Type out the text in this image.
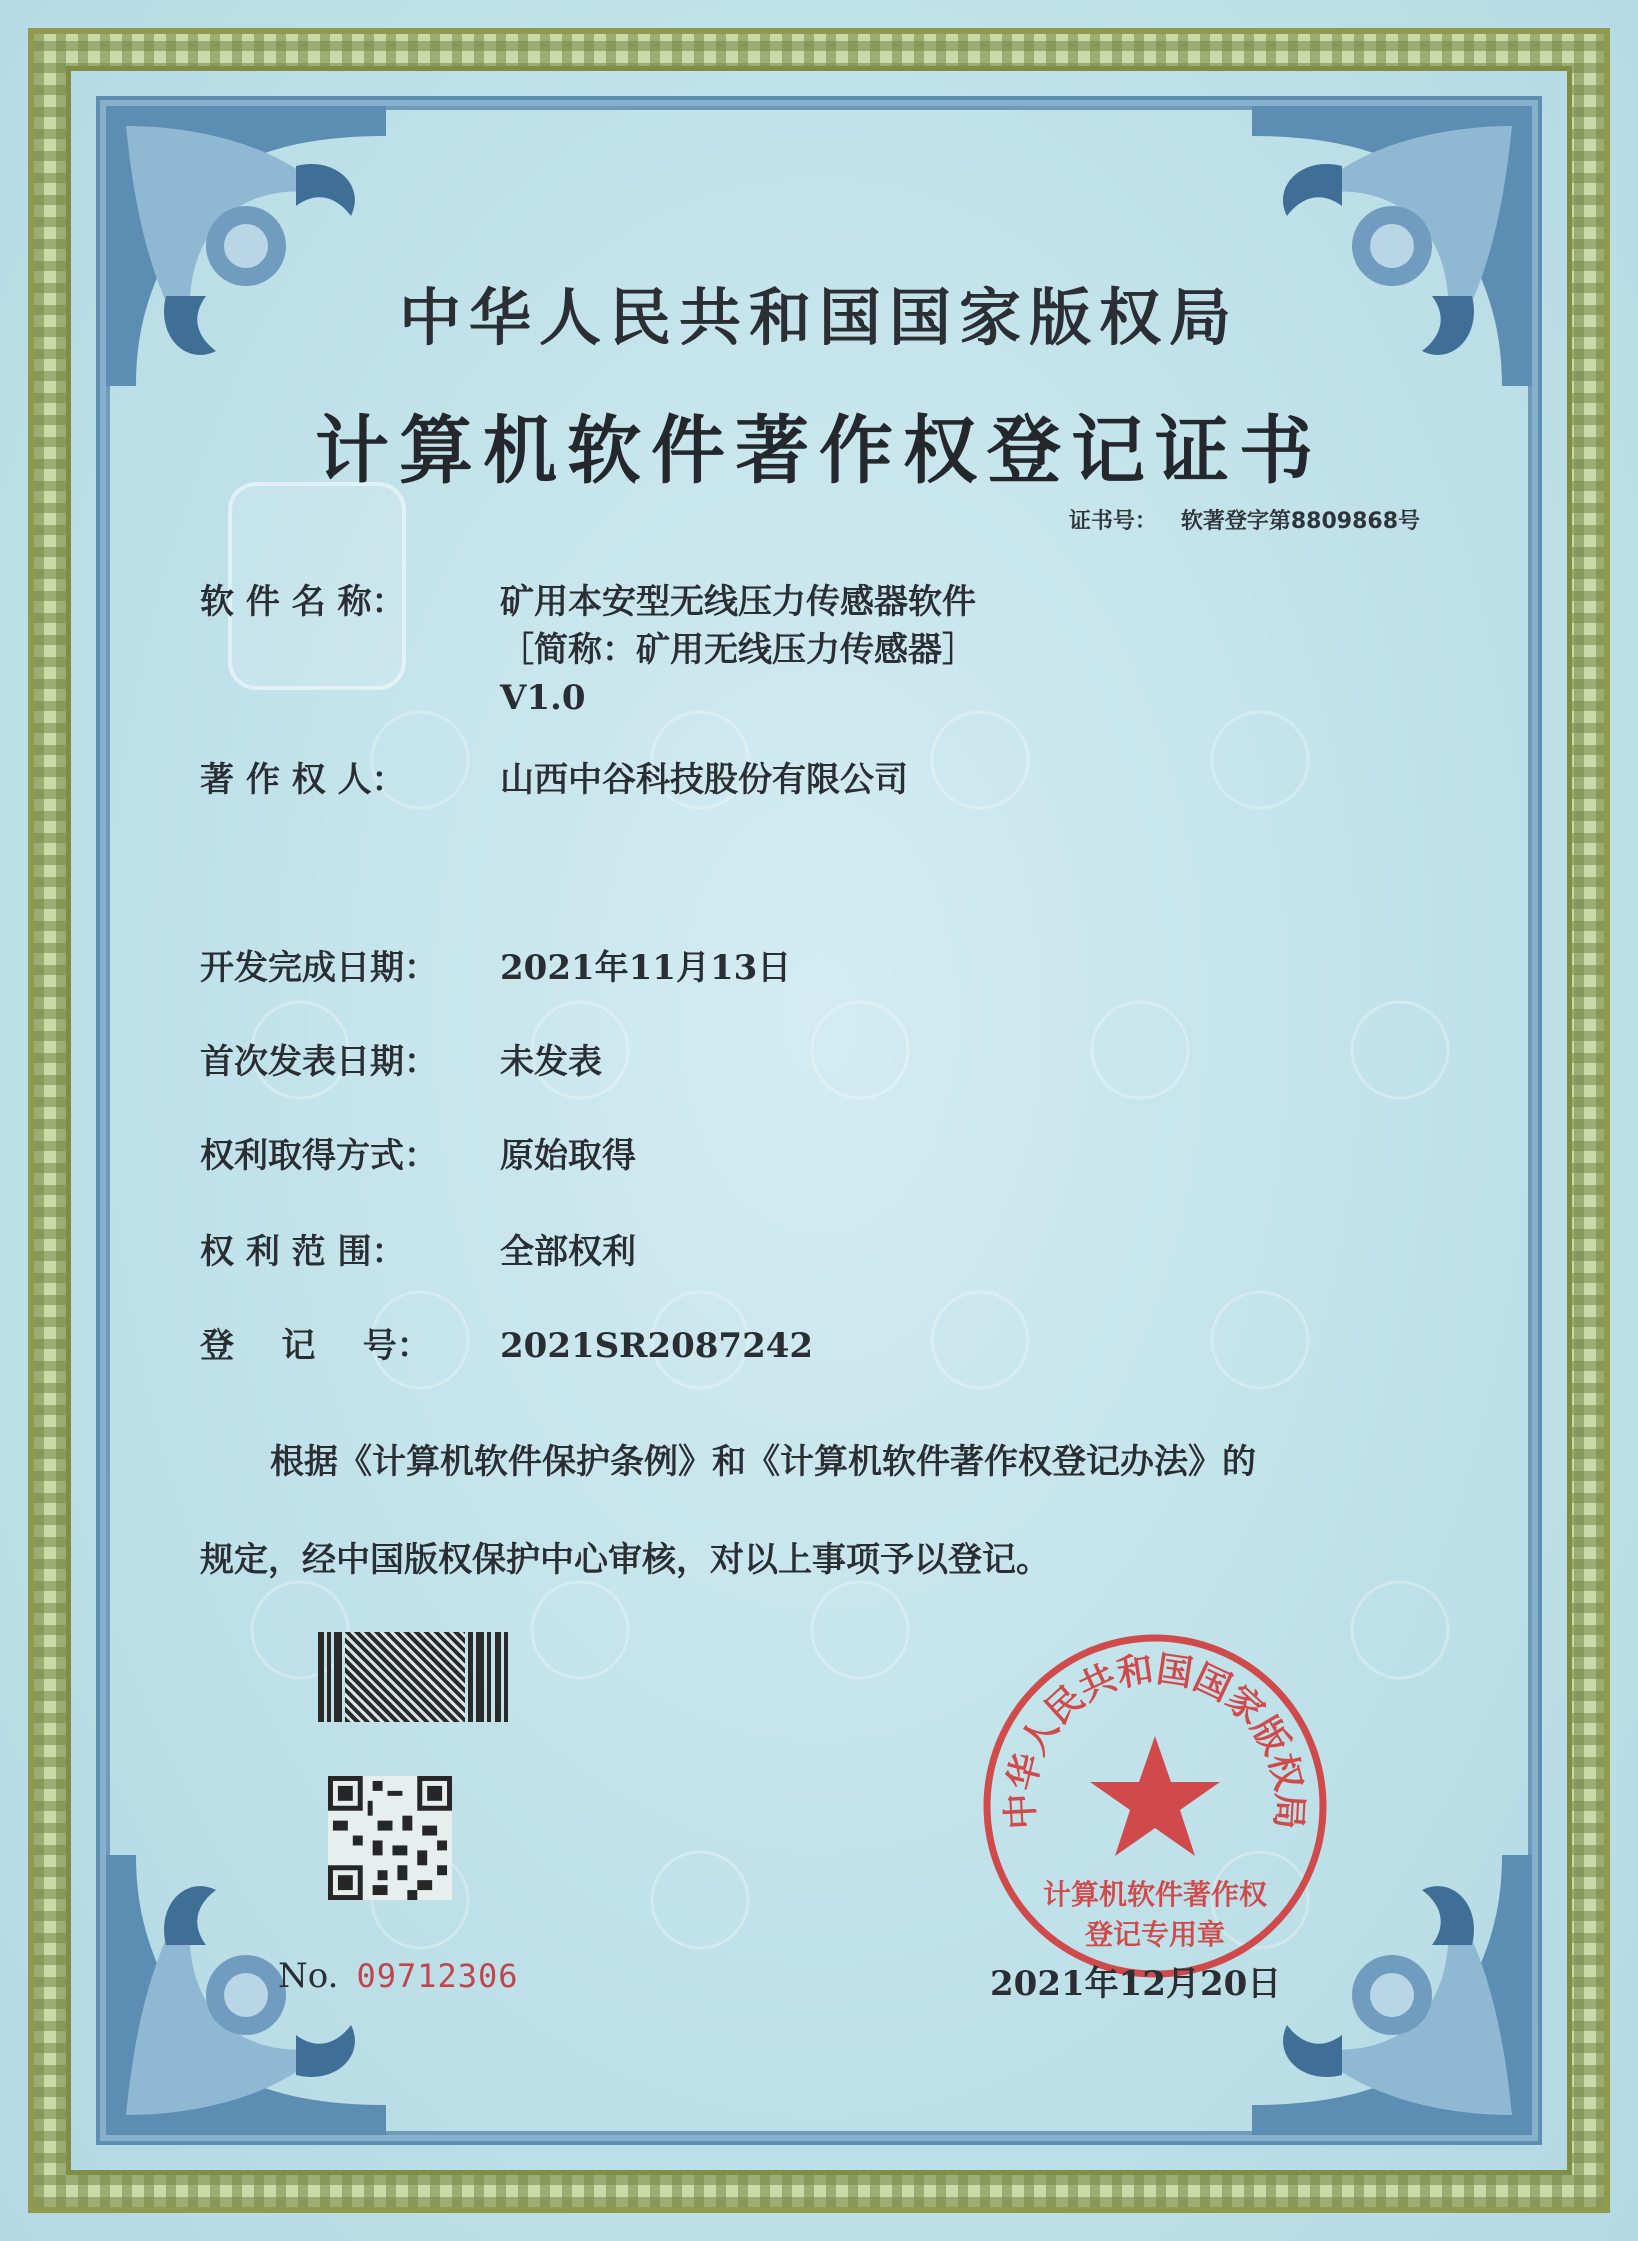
中华人民共和国国家版权局
计算机软件著作权登记证书
证书号： 软著登字第8809868号
软 件 名 称：	矿用本安型无线压力传感器软件
［简称：矿用无线压力传感器］
V1.0
著 作 权 人：	山西中谷科技股份有限公司
开发完成日期： 2021年11月13日
首次发表日期： 未发表
权利取得方式： 原始取得
权 利 范 围：	全部权利
登    记    号： 2021SR2087242
根据《计算机软件保护条例》和《计算机软件著作权登记办法》的
规定，经中国版权保护中心审核，对以上事项予以登记。
No. 09712306
中华人民共和国国家版权局
计算机软件著作权
登记专用章
2021年12月20日
